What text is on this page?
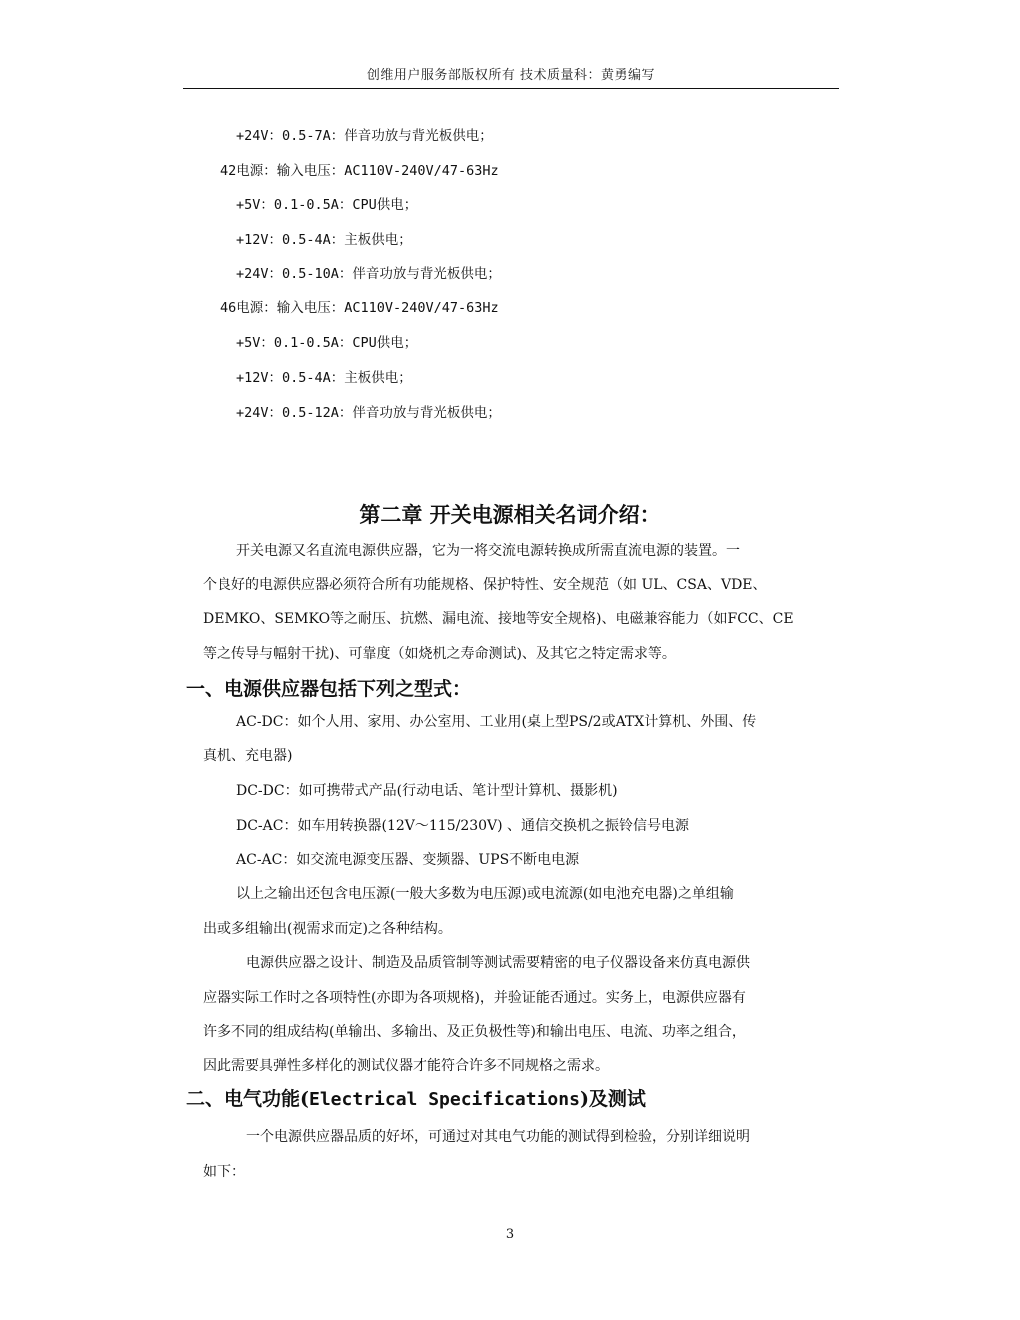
创维用户服务部版权所有 技术质量科：黄勇编写
+24V：0.5-7A：伴音功放与背光板供电；
42电源：输入电压：AC110V-240V/47-63Hz
+5V：0.1-0.5A：CPU供电；
+12V：0.5-4A：主板供电；
+24V：0.5-10A：伴音功放与背光板供电；
46电源：输入电压：AC110V-240V/47-63Hz
+5V：0.1-0.5A：CPU供电；
+12V：0.5-4A：主板供电；
+24V：0.5-12A：伴音功放与背光板供电；
第二章 开关电源相关名词介绍：
开关电源又名直流电源供应器，它为一将交流电源转换成所需直流电源的装置。一
个良好的电源供应器必须符合所有功能规格、保护特性、安全规范（如 UL、CSA、VDE、
DEMKO、SEMKO等之耐压、抗燃、漏电流、接地等安全规格)、电磁兼容能力（如FCC、CE
等之传导与幅射干扰)、可靠度（如烧机之寿命测试)、及其它之特定需求等。
一、电源供应器包括下列之型式：
AC-DC：如个人用、家用、办公室用、工业用(桌上型PS/2或ATX计算机、外围、传
真机、充电器)
DC-DC：如可携带式产品(行动电话、笔计型计算机、摄影机)
DC-AC：如车用转换器(12V～115/230V) 、通信交换机之振铃信号电源
AC-AC：如交流电源变压器、变频器、UPS不断电电源
以上之输出还包含电压源(一般大多数为电压源)或电流源(如电池充电器)之单组输
出或多组输出(视需求而定)之各种结构。
电源供应器之设计、制造及品质管制等测试需要精密的电子仪器设备来仿真电源供
应器实际工作时之各项特性(亦即为各项规格)，并验证能否通过。实务上，电源供应器有
许多不同的组成结构(单输出、多输出、及正负极性等)和输出电压、电流、功率之组合，
因此需要具弹性多样化的测试仪器才能符合许多不同规格之需求。
二、电气功能(Electrical Specifications)及测试
一个电源供应器品质的好坏，可通过对其电气功能的测试得到检验，分别详细说明
如下：
3
